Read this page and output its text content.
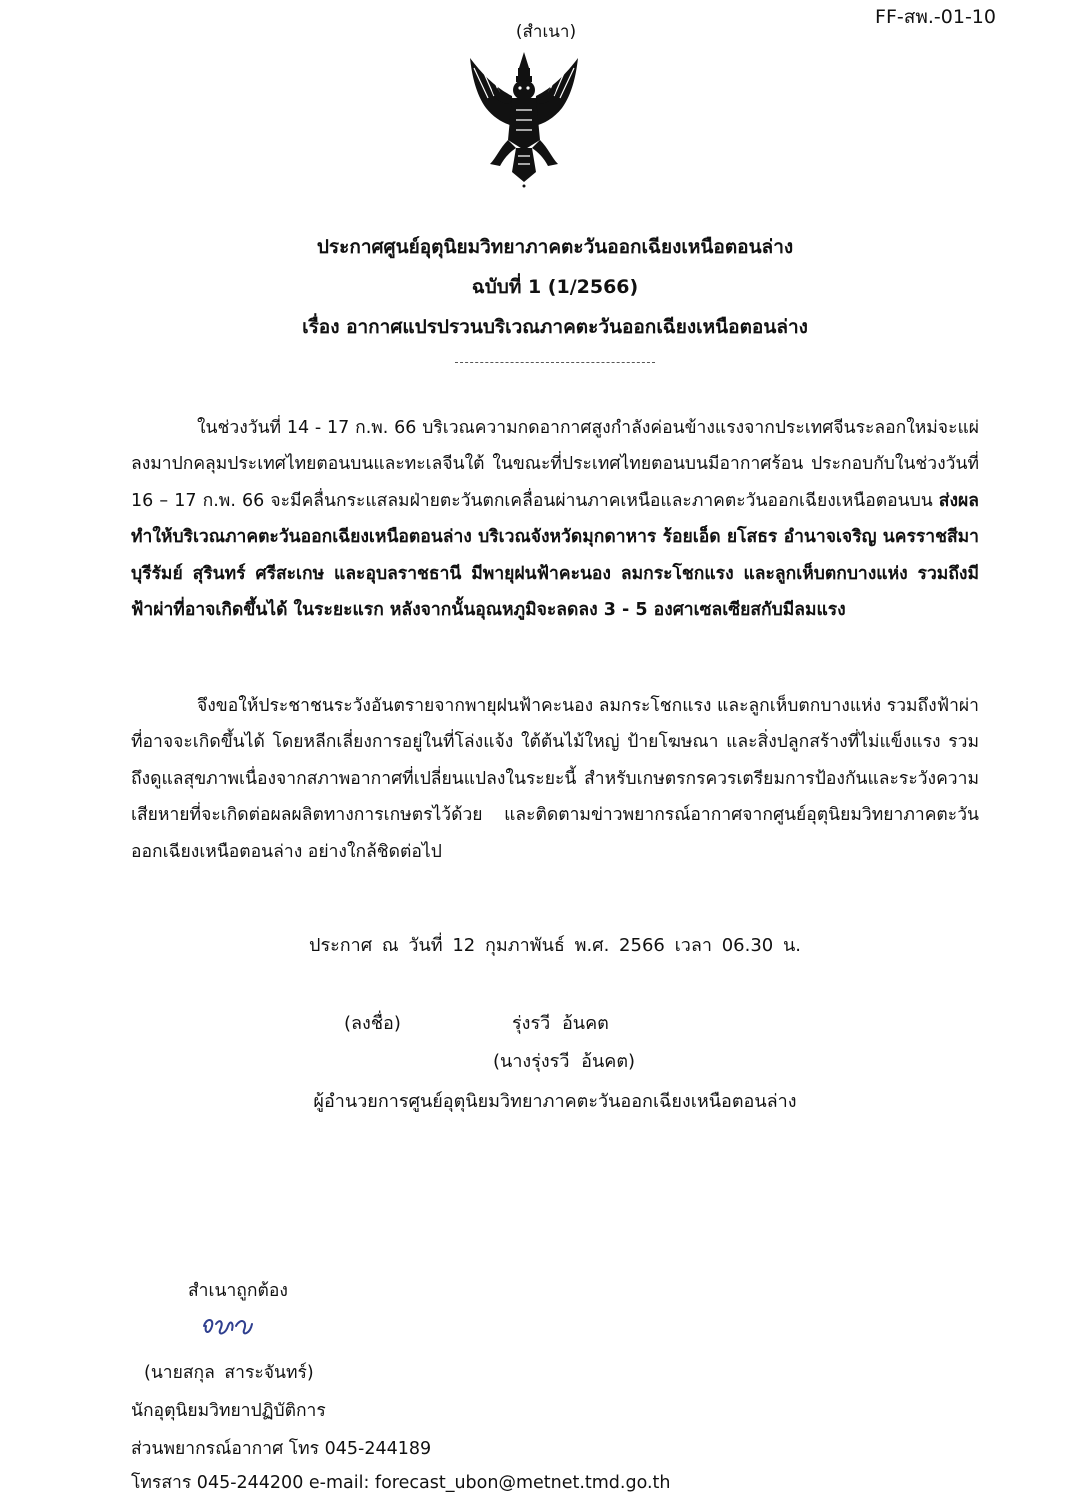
FF-สพ.-01-10
(สำเนา)
ประกาศศูนย์อุตุนิยมวิทยาภาคตะวันออกเฉียงเหนือตอนล่าง
ฉบับที่ 1 (1/2566)
เรื่อง อากาศแปรปรวนบริเวณภาคตะวันออกเฉียงเหนือตอนล่าง
ในช่วงวันที่ 14 - 17 ก.พ. 66 บริเวณความกดอากาศสูงกำลังค่อนข้างแรงจากประเทศจีนระลอกใหม่จะแผ่ลงมาปกคลุมประเทศไทยตอนบนและทะเลจีนใต้ ในขณะที่ประเทศไทยตอนบนมีอากาศร้อน ประกอบกับในช่วงวันที่ 16 – 17 ก.พ. 66 จะมีคลื่นกระแสลมฝ่ายตะวันตกเคลื่อนผ่านภาคเหนือและภาคตะวันออกเฉียงเหนือตอนบน ส่งผลทำให้บริเวณภาคตะวันออกเฉียงเหนือตอนล่าง บริเวณจังหวัดมุกดาหาร ร้อยเอ็ด ยโสธร อำนาจเจริญ นครราชสีมา บุรีรัมย์ สุรินทร์ ศรีสะเกษ และอุบลราชธานี มีพายุฝนฟ้าคะนอง ลมกระโชกแรง และลูกเห็บตกบางแห่ง รวมถึงมีฟ้าผ่าที่อาจเกิดขึ้นได้ ในระยะแรก หลังจากนั้นอุณหภูมิจะลดลง 3 - 5 องศาเซลเซียสกับมีลมแรง
จึงขอให้ประชาชนระวังอันตรายจากพายุฝนฟ้าคะนอง ลมกระโชกแรง และลูกเห็บตกบางแห่ง รวมถึงฟ้าผ่าที่อาจจะเกิดขึ้นได้ โดยหลีกเลี่ยงการอยู่ในที่โล่งแจ้ง ใต้ต้นไม้ใหญ่ ป้ายโฆษณา และสิ่งปลูกสร้างที่ไม่แข็งแรง รวมถึงดูแลสุขภาพเนื่องจากสภาพอากาศที่เปลี่ยนแปลงในระยะนี้ สำหรับเกษตรกรควรเตรียมการป้องกันและระวังความเสียหายที่จะเกิดต่อผลผลิตทางการเกษตรไว้ด้วย และติดตามข่าวพยากรณ์อากาศจากศูนย์อุตุนิยมวิทยาภาคตะวันออกเฉียงเหนือตอนล่าง อย่างใกล้ชิดต่อไป
ประกาศ ณ วันที่ 12 กุมภาพันธ์ พ.ศ. 2566 เวลา 06.30 น.
(ลงชื่อ)	รุ่งรวี อ้นคต
(นางรุ่งรวี อ้นคต)
ผู้อำนวยการศูนย์อุตุนิยมวิทยาภาคตะวันออกเฉียงเหนือตอนล่าง
สำเนาถูกต้อง
(นายสกุล สาระจันทร์)
นักอุตุนิยมวิทยาปฏิบัติการ
ส่วนพยากรณ์อากาศ โทร 045-244189
โทรสาร 045-244200 e-mail: forecast_ubon@metnet.tmd.go.th
